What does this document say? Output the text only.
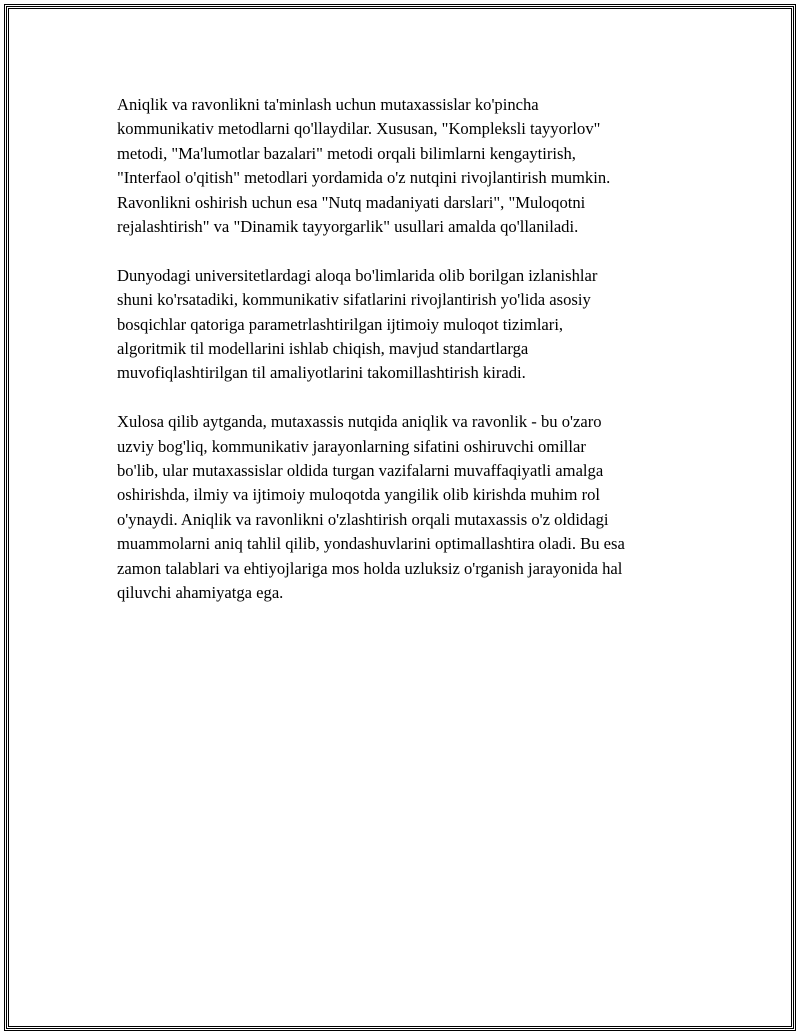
Aniqlik va ravonlikni ta'minlash uchun mutaxassislar ko'pincha
kommunikativ metodlarni qo'llaydilar. Xususan, "Kompleksli tayyorlov"
metodi, "Ma'lumotlar bazalari" metodi orqali bilimlarni kengaytirish,
"Interfaol o'qitish" metodlari yordamida o'z nutqini rivojlantirish mumkin.
Ravonlikni oshirish uchun esa "Nutq madaniyati darslari", "Muloqotni
rejalashtirish" va "Dinamik tayyorgarlik" usullari amalda qo'llaniladi.

Dunyodagi universitetlardagi aloqa bo'limlarida olib borilgan izlanishlar
shuni ko'rsatadiki, kommunikativ sifatlarini rivojlantirish yo'lida asosiy
bosqichlar qatoriga parametrlashtirilgan ijtimoiy muloqot tizimlari,
algoritmik til modellarini ishlab chiqish, mavjud standartlarga
muvofiqlashtirilgan til amaliyotlarini takomillashtirish kiradi.

Xulosa qilib aytganda, mutaxassis nutqida aniqlik va ravonlik - bu o'zaro
uzviy bog'liq, kommunikativ jarayonlarning sifatini oshiruvchi omillar
bo'lib, ular mutaxassislar oldida turgan vazifalarni muvaffaqiyatli amalga
oshirishda, ilmiy va ijtimoiy muloqotda yangilik olib kirishda muhim rol
o'ynaydi. Aniqlik va ravonlikni o'zlashtirish orqali mutaxassis o'z oldidagi
muammolarni aniq tahlil qilib, yondashuvlarini optimallashtira oladi. Bu esa
zamon talablari va ehtiyojlariga mos holda uzluksiz o'rganish jarayonida hal
qiluvchi ahamiyatga ega.
